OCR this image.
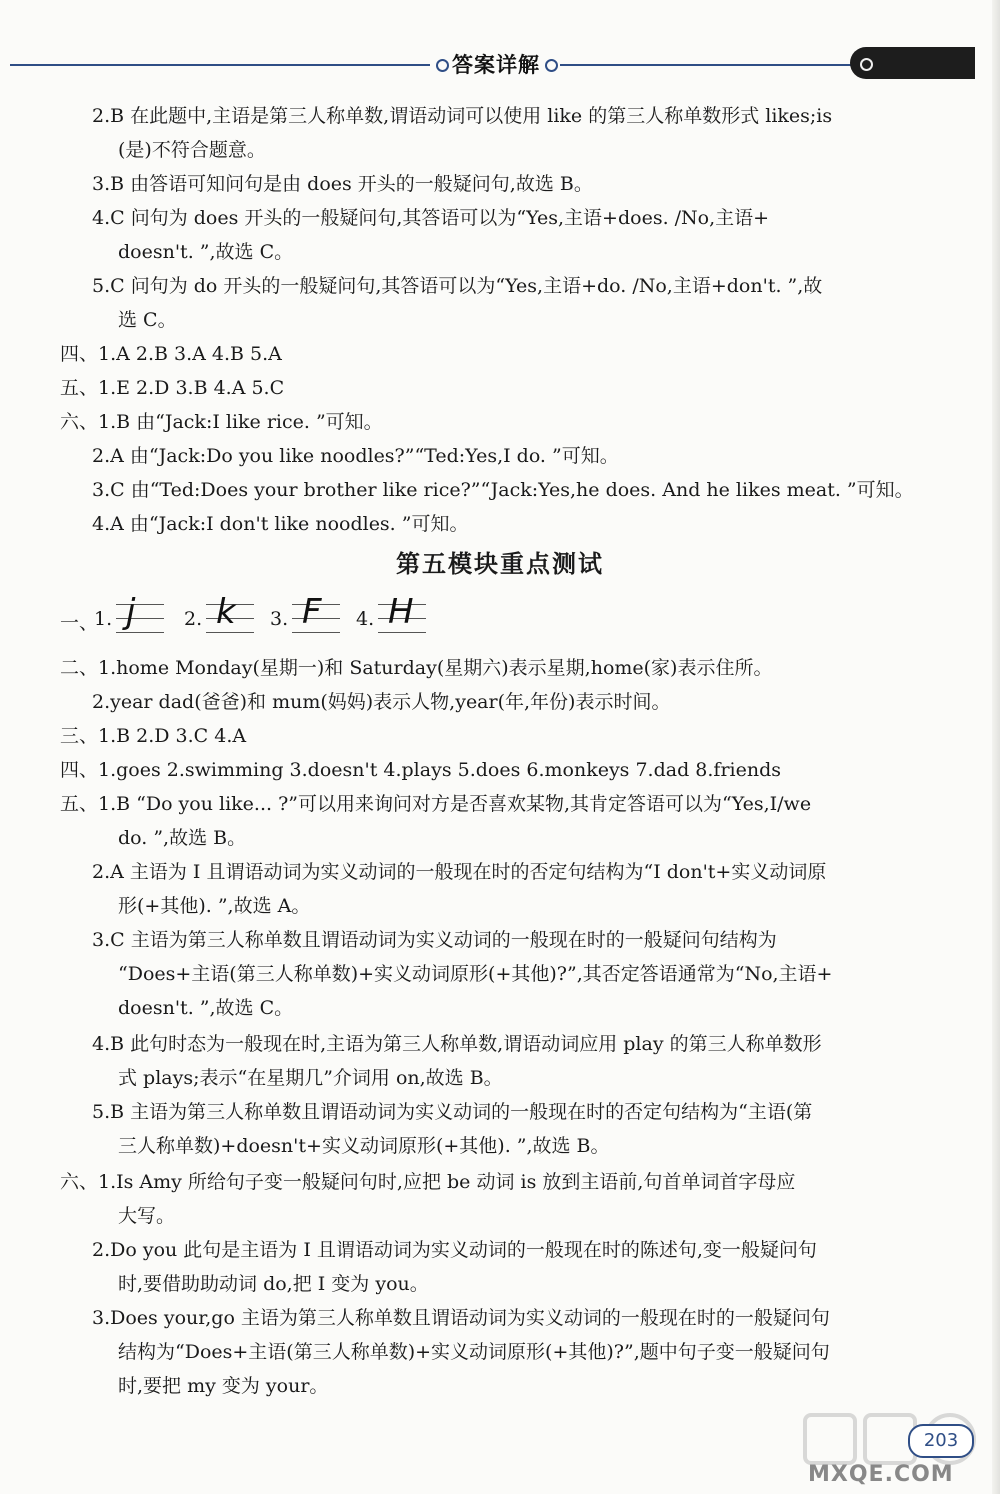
答案详解
2.B 在此题中,主语是第三人称单数,谓语动词可以使用 like 的第三人称单数形式 likes;is
(是)不符合题意。
3.B 由答语可知问句是由 does 开头的一般疑问句,故选 B。
4.C 问句为 does 开头的一般疑问句,其答语可以为“Yes,主语+does. /No,主语+
doesn't. ”,故选 C。
5.C 问句为 do 开头的一般疑问句,其答语可以为“Yes,主语+do. /No,主语+don't. ”,故
选 C。
四、1.A 2.B 3.A 4.B 5.A
五、1.E 2.D 3.B 4.A 5.C
六、1.B 由“Jack:I like rice. ”可知。
2.A 由“Jack:Do you like noodles?”“Ted:Yes,I do. ”可知。
3.C 由“Ted:Does your brother like rice?”“Jack:Yes,he does. And he likes meat. ”可知。
4.A 由“Jack:I don't like noodles. ”可知。
第五模块重点测试
一、
1. j	2. k 3. F 4. H
二、1.home Monday(星期一)和 Saturday(星期六)表示星期,home(家)表示住所。
2.year dad(爸爸)和 mum(妈妈)表示人物,year(年,年份)表示时间。
三、1.B 2.D 3.C 4.A
四、1.goes 2.swimming 3.doesn't 4.plays 5.does 6.monkeys 7.dad 8.friends
五、1.B “Do you like... ?”可以用来询问对方是否喜欢某物,其肯定答语可以为“Yes,I/we
do. ”,故选 B。
2.A 主语为 I 且谓语动词为实义动词的一般现在时的否定句结构为“I don't+实义动词原
形(+其他). ”,故选 A。
3.C 主语为第三人称单数且谓语动词为实义动词的一般现在时的一般疑问句结构为
“Does+主语(第三人称单数)+实义动词原形(+其他)?”,其否定答语通常为“No,主语+
doesn't. ”,故选 C。
4.B 此句时态为一般现在时,主语为第三人称单数,谓语动词应用 play 的第三人称单数形
式 plays;表示“在星期几”介词用 on,故选 B。
5.B 主语为第三人称单数且谓语动词为实义动词的一般现在时的否定句结构为“主语(第
三人称单数)+doesn't+实义动词原形(+其他). ”,故选 B。
六、1.Is Amy 所给句子变一般疑问句时,应把 be 动词 is 放到主语前,句首单词首字母应
大写。
2.Do you 此句是主语为 I 且谓语动词为实义动词的一般现在时的陈述句,变一般疑问句
时,要借助助动词 do,把 I 变为 you。
3.Does your,go 主语为第三人称单数且谓语动词为实义动词的一般现在时的一般疑问句
结构为“Does+主语(第三人称单数)+实义动词原形(+其他)?”,题中句子变一般疑问句
时,要把 my 变为 your。
203
MXQE.COM
